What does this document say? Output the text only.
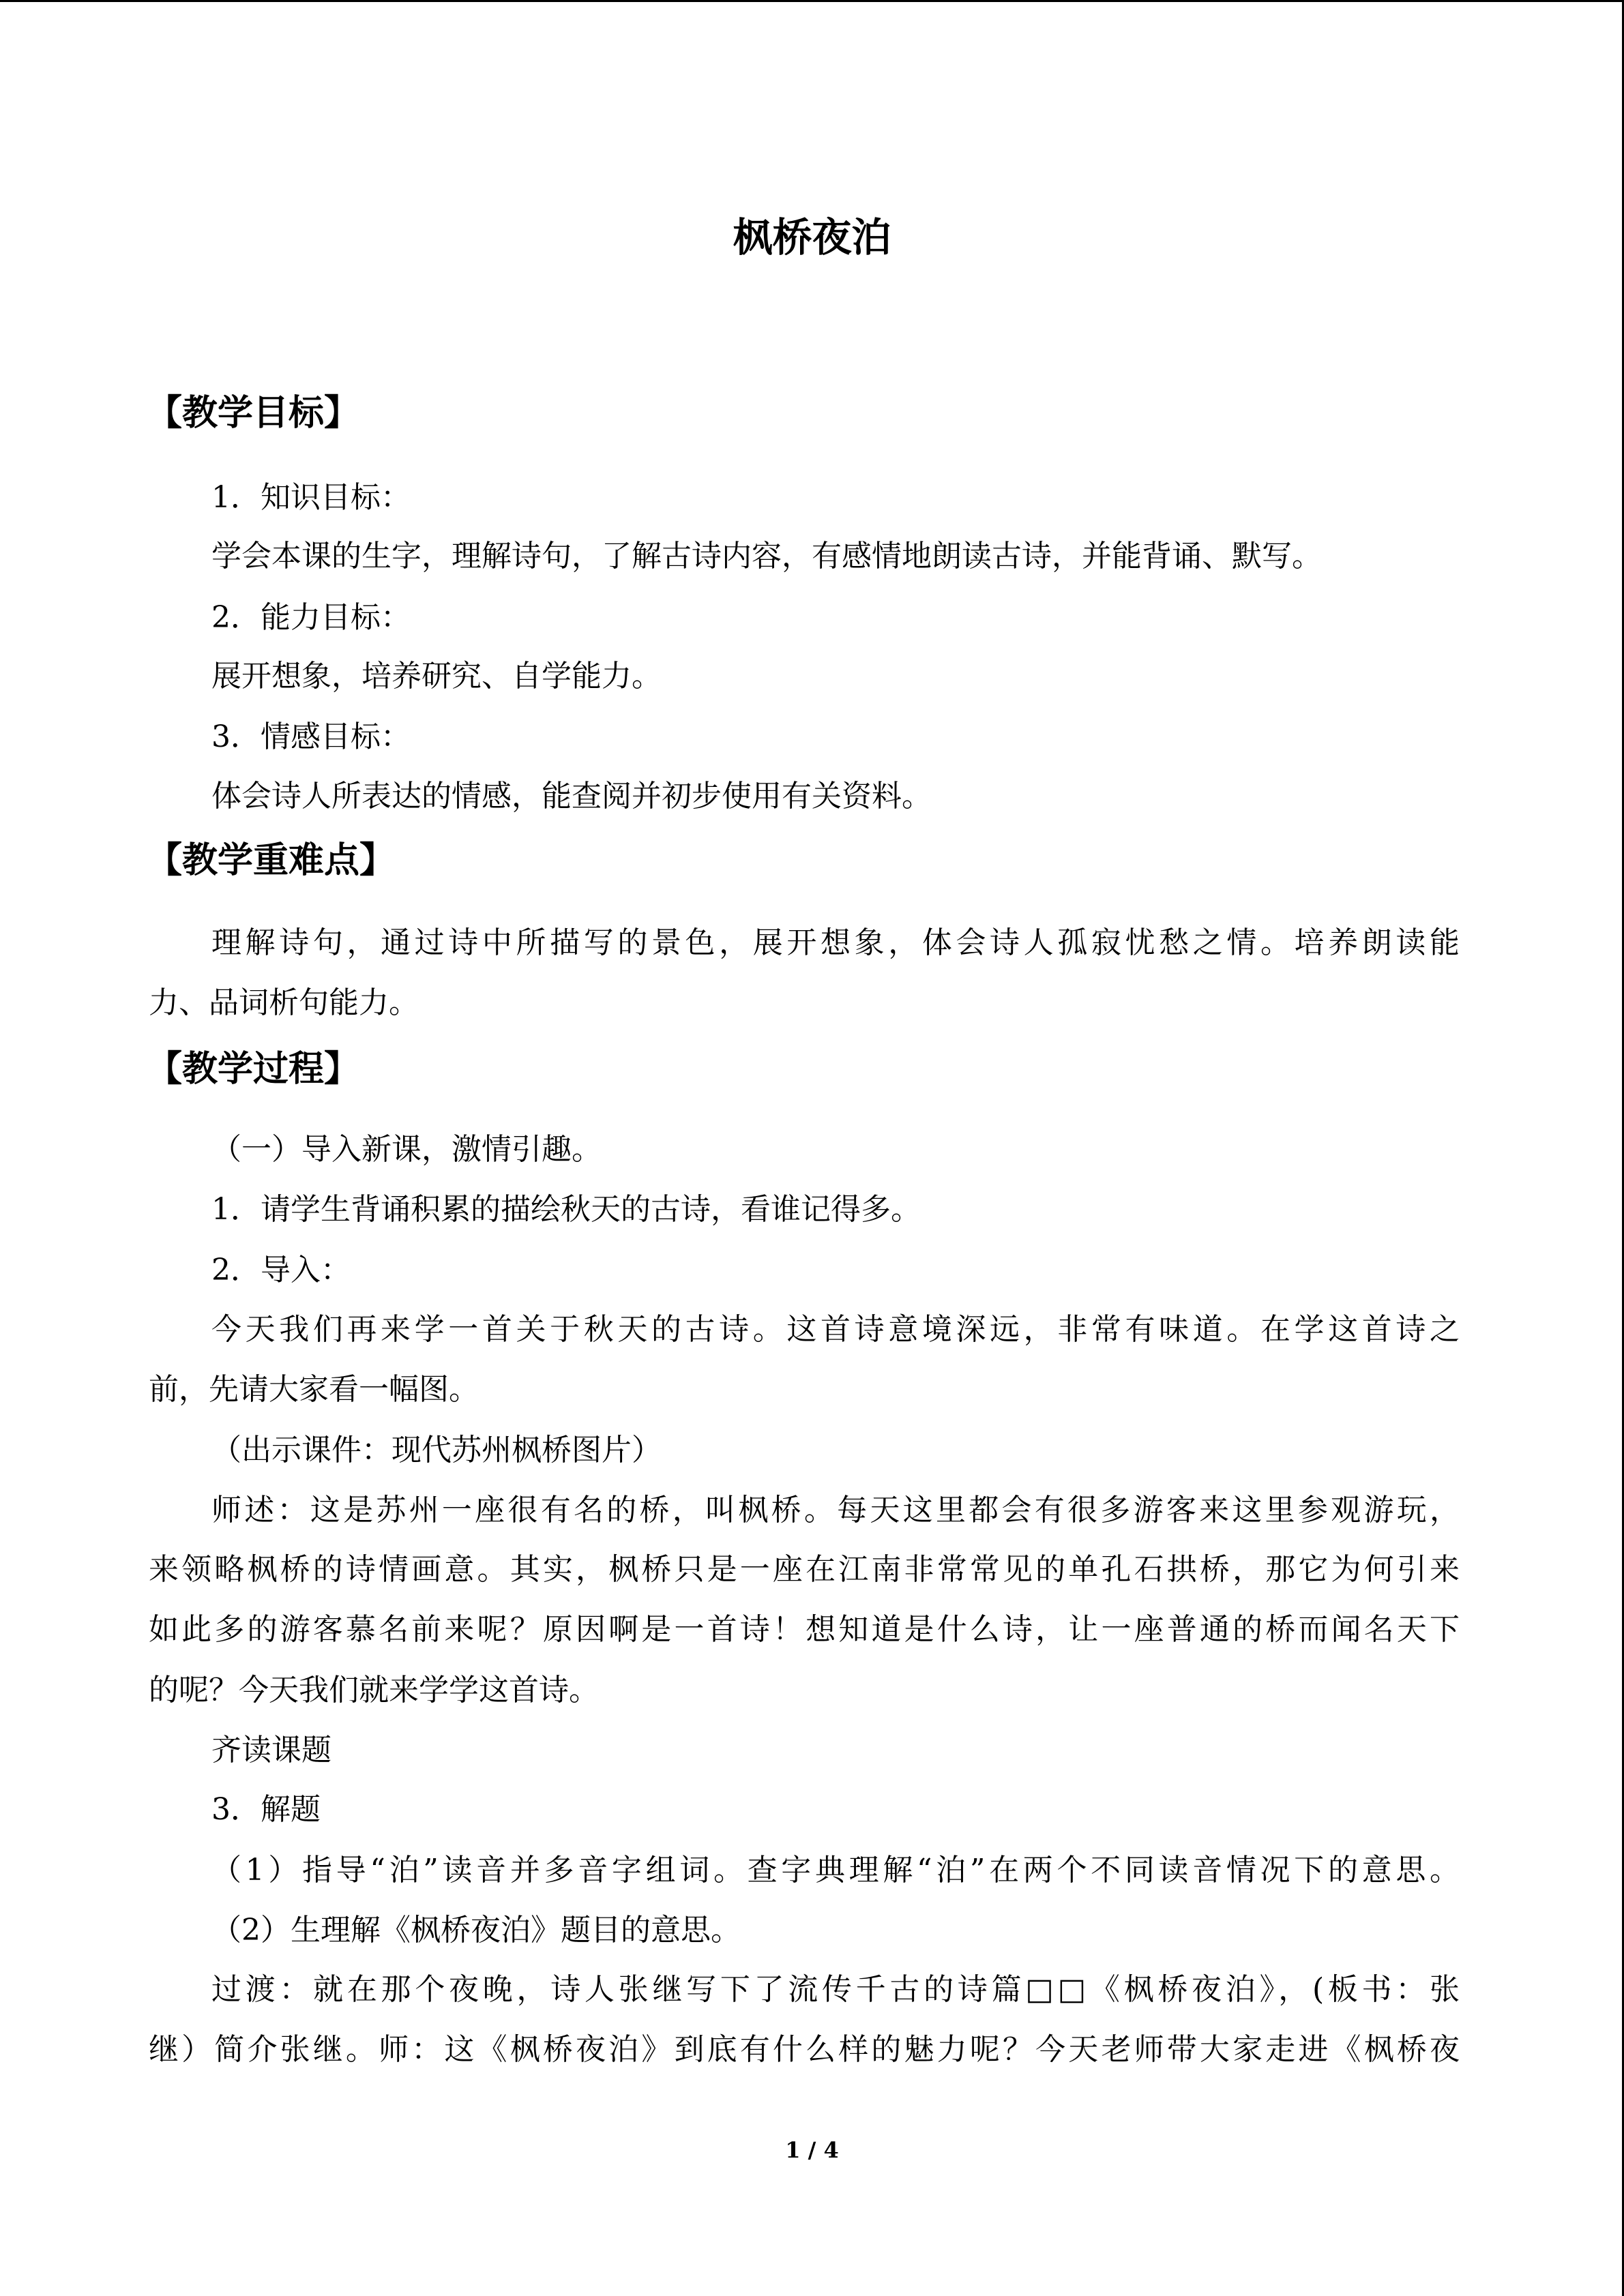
枫桥夜泊
【教学目标】
1．知识目标：
学会本课的生字，理解诗句，了解古诗内容，有感情地朗读古诗，并能背诵、默写。
2．能力目标：
展开想象，培养研究、自学能力。
3．情感目标：
体会诗人所表达的情感，能查阅并初步使用有关资料。
【教学重难点】
理解诗句，通过诗中所描写的景色，展开想象，体会诗人孤寂忧愁之情。培养朗读能
力、品词析句能力。
【教学过程】
（一）导入新课，激情引趣。
1．请学生背诵积累的描绘秋天的古诗，看谁记得多。
2．导入：
今天我们再来学一首关于秋天的古诗。这首诗意境深远，非常有味道。在学这首诗之
前，先请大家看一幅图。
（出示课件：现代苏州枫桥图片）
师述：这是苏州一座很有名的桥，叫枫桥。每天这里都会有很多游客来这里参观游玩，
来领略枫桥的诗情画意。其实，枫桥只是一座在江南非常常见的单孔石拱桥，那它为何引来
如此多的游客慕名前来呢？原因啊是一首诗！想知道是什么诗，让一座普通的桥而闻名天下
的呢？今天我们就来学学这首诗。
齐读课题
3．解题
（1）指导“泊”读音并多音字组词。查字典理解“泊”在两个不同读音情况下的意思。
（2）生理解《枫桥夜泊》题目的意思。
过渡：就在那个夜晚，诗人张继写下了流传千古的诗篇□□《枫桥夜泊》，(板书：张
继）简介张继。师：这《枫桥夜泊》到底有什么样的魅力呢？今天老师带大家走进《枫桥夜
1 / 4
